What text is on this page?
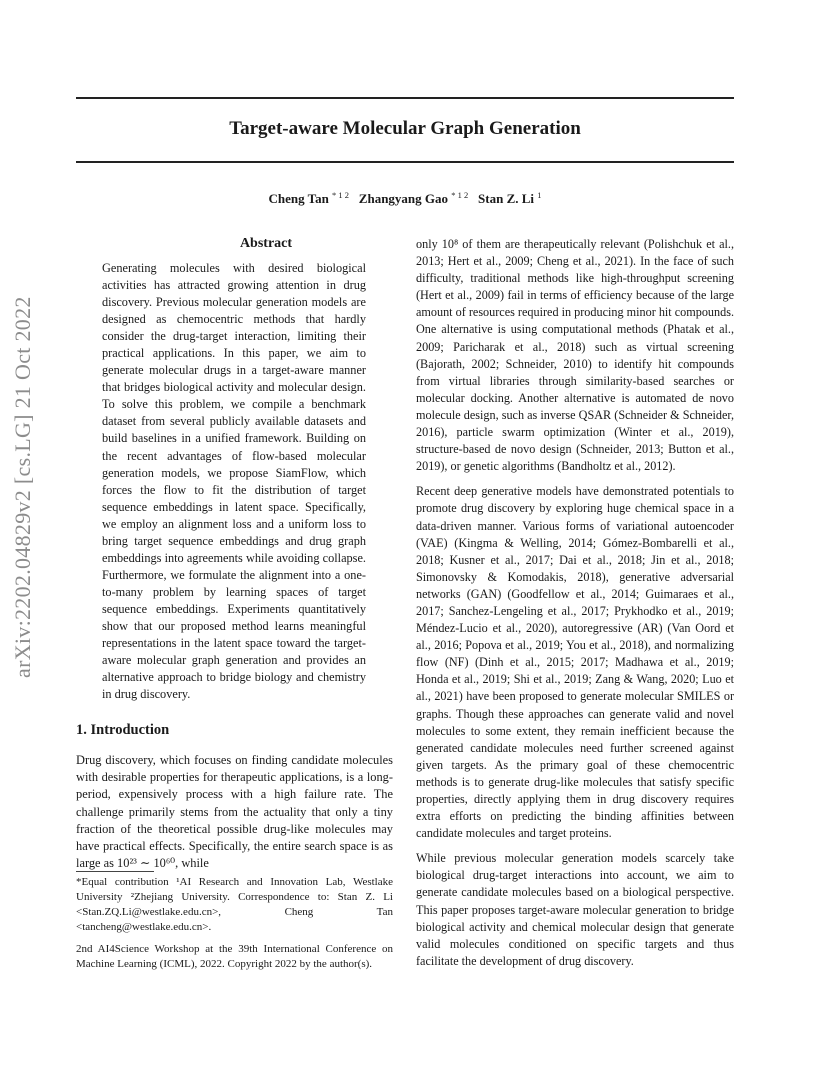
Target-aware Molecular Graph Generation
Cheng Tan $^{* 1 2}$ Zhangyang Gao $^{* 1 2}$ Stan Z. Li $^1$
arXiv:2202.04829v2 [cs.LG] 21 Oct 2022
Abstract

Generating molecules with desired biological activities has attracted growing attention in drug discovery. Previous molecular generation models are designed as chemocentric methods that hardly consider the drug-target interaction, limiting their practical applications. In this paper, we aim to generate molecular drugs in a target-aware manner that bridges biological activity and molecular design. To solve this problem, we compile a benchmark dataset from several publicly available datasets and build baselines in a unified framework. Building on the recent advantages of flow-based molecular generation models, we propose SiamFlow, which forces the flow to fit the distribution of target sequence embeddings in latent space. Specifically, we employ an alignment loss and a uniform loss to bring target sequence embeddings and drug graph embeddings into agreements while avoiding collapse. Furthermore, we formulate the alignment into a one-to-many problem by learning spaces of target sequence embeddings. Experiments quantitatively show that our proposed method learns meaningful representations in the latent space toward the target-aware molecular graph generation and provides an alternative approach to bridge biology and chemistry in drug discovery.

1. Introduction

Drug discovery, which focuses on finding candidate molecules with desirable properties for therapeutic applications, is a long-period, expensively process with a high failure rate. The challenge primarily stems from the actuality that only a tiny fraction of the theoretical possible drug-like molecules may have practical effects. Specifically, the entire search space is as large as 10²³ ∼ 10⁶⁰, while

*Equal contribution ¹AI Research and Innovation Lab, Westlake University ²Zhejiang University. Correspondence to: Stan Z. Li <Stan.ZQ.Li@westlake.edu.cn>, Cheng Tan <tancheng@westlake.edu.cn>.

2nd AI4Science Workshop at the 39th International Conference on Machine Learning (ICML), 2022. Copyright 2022 by the author(s).

only 10⁸ of them are therapeutically relevant (Polishchuk et al., 2013; Hert et al., 2009; Cheng et al., 2021). In the face of such difficulty, traditional methods like high-throughput screening (Hert et al., 2009) fail in terms of efficiency because of the large amount of resources required in producing minor hit compounds. One alternative is using computational methods (Phatak et al., 2009; Paricharak et al., 2018) such as virtual screening (Bajorath, 2002; Schneider, 2010) to identify hit compounds from virtual libraries through similarity-based searches or molecular docking. Another alternative is automated de novo molecule design, such as inverse QSAR (Schneider & Schneider, 2016), particle swarm optimization (Winter et al., 2019), structure-based de novo design (Schneider, 2013; Button et al., 2019), or genetic algorithms (Bandholtz et al., 2012).

Recent deep generative models have demonstrated potentials to promote drug discovery by exploring huge chemical space in a data-driven manner. Various forms of variational autoencoder (VAE) (Kingma & Welling, 2014; Gómez-Bombarelli et al., 2018; Kusner et al., 2017; Dai et al., 2018; Jin et al., 2018; Simonovsky & Komodakis, 2018), generative adversarial networks (GAN) (Goodfellow et al., 2014; Guimaraes et al., 2017; Sanchez-Lengeling et al., 2017; Prykhodko et al., 2019; Méndez-Lucio et al., 2020), autoregressive (AR) (Van Oord et al., 2016; Popova et al., 2019; You et al., 2018), and normalizing flow (NF) (Dinh et al., 2015; 2017; Madhawa et al., 2019; Honda et al., 2019; Shi et al., 2019; Zang & Wang, 2020; Luo et al., 2021) have been proposed to generate molecular SMILES or graphs. Though these approaches can generate valid and novel molecules to some extent, they remain inefficient because the generated candidate molecules need further screened against given targets. As the primary goal of these chemocentric methods is to generate drug-like molecules that satisfy specific properties, directly applying them in drug discovery requires extra efforts on predicting the binding affinities between candidate molecules and target proteins.

While previous molecular generation models scarcely take biological drug-target interactions into account, we aim to generate candidate molecules based on a biological perspective. This paper proposes target-aware molecular generation to bridge biological activity and chemical molecular design that generate valid molecules conditioned on specific targets and thus facilitate the development of drug discovery.
